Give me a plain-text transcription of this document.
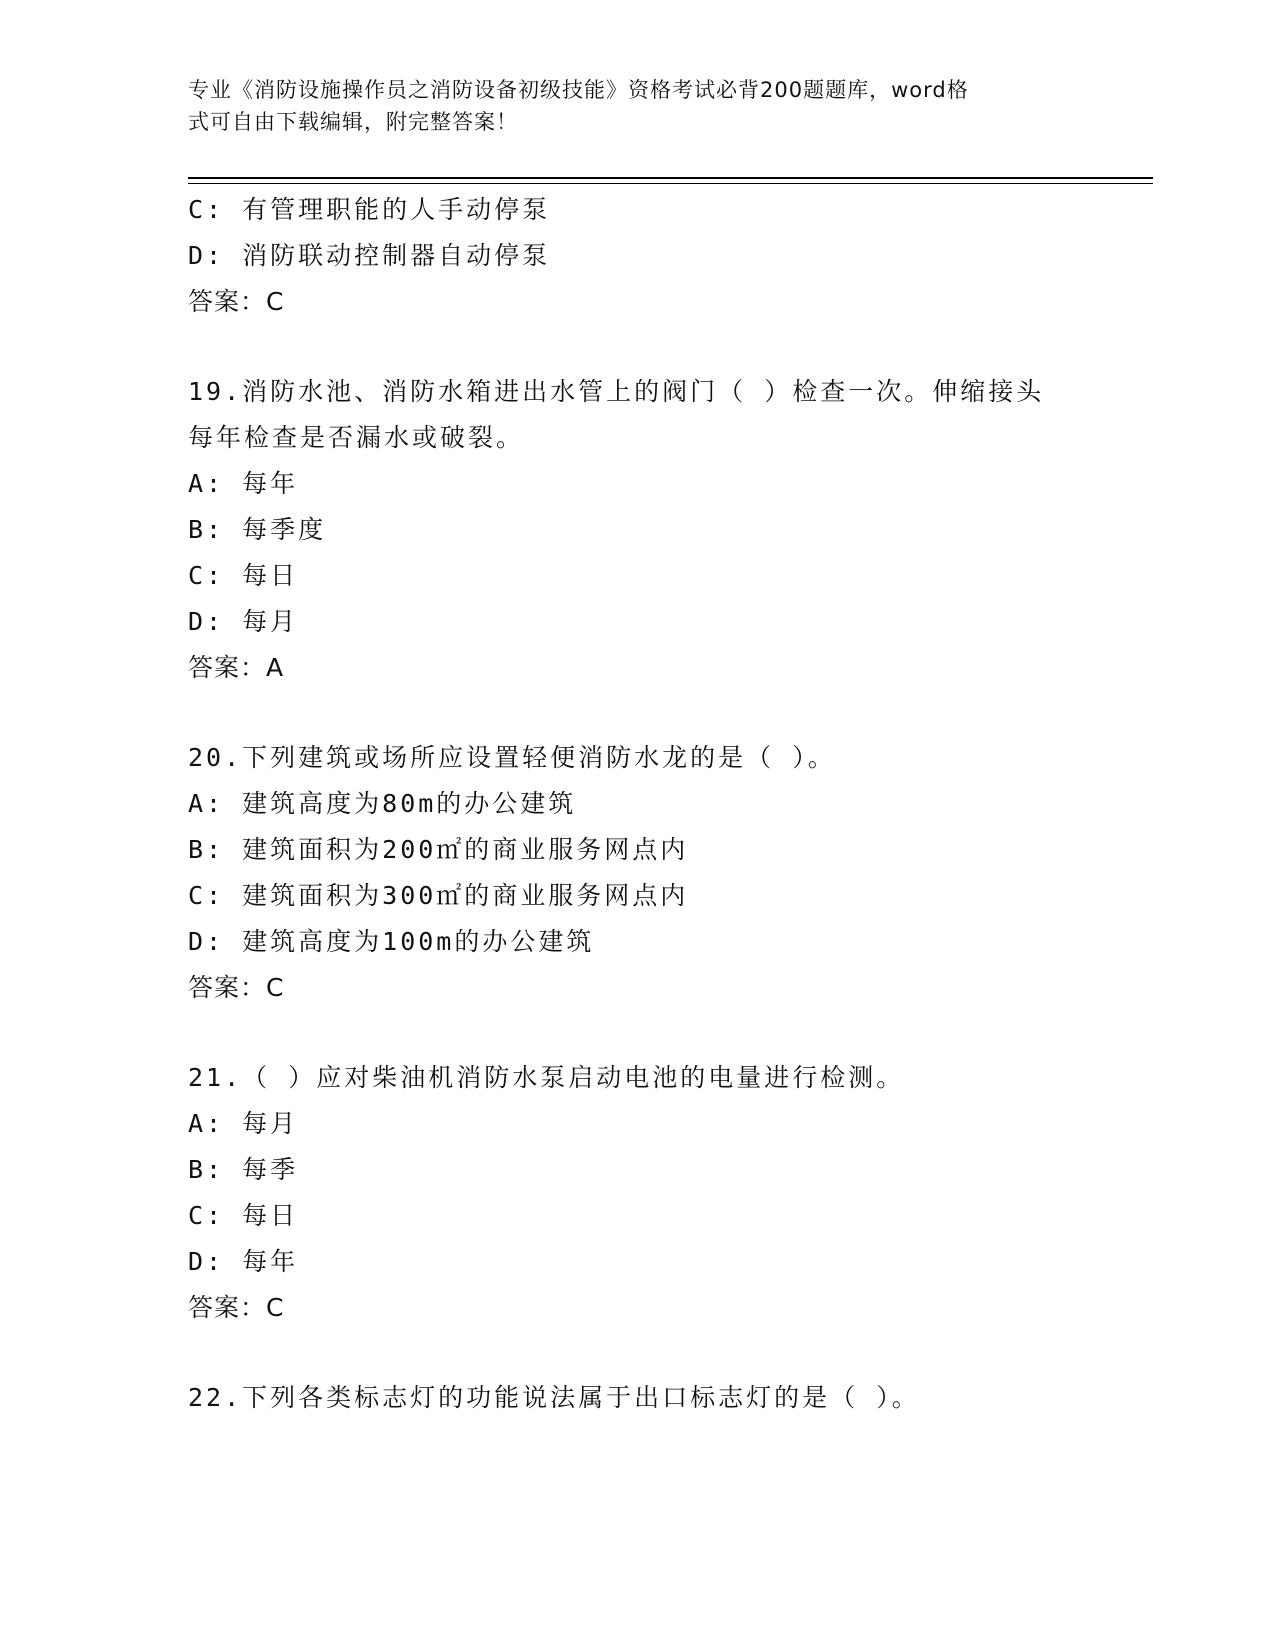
专业《消防设施操作员之消防设备初级技能》资格考试必背200题题库，word格
式可自由下载编辑，附完整答案！
C: 有管理职能的人手动停泵
D: 消防联动控制器自动停泵
答案：C
19.消防水池、消防水箱进出水管上的阀门（ ）检查一次。伸缩接头
每年检查是否漏水或破裂。
A: 每年
B: 每季度
C: 每日
D: 每月
答案：A
20.下列建筑或场所应设置轻便消防水龙的是（ ）。
A: 建筑高度为80m的办公建筑
B: 建筑面积为200㎡的商业服务网点内
C: 建筑面积为300㎡的商业服务网点内
D: 建筑高度为100m的办公建筑
答案：C
21.（ ）应对柴油机消防水泵启动电池的电量进行检测。
A: 每月
B: 每季
C: 每日
D: 每年
答案：C
22.下列各类标志灯的功能说法属于出口标志灯的是（ ）。
